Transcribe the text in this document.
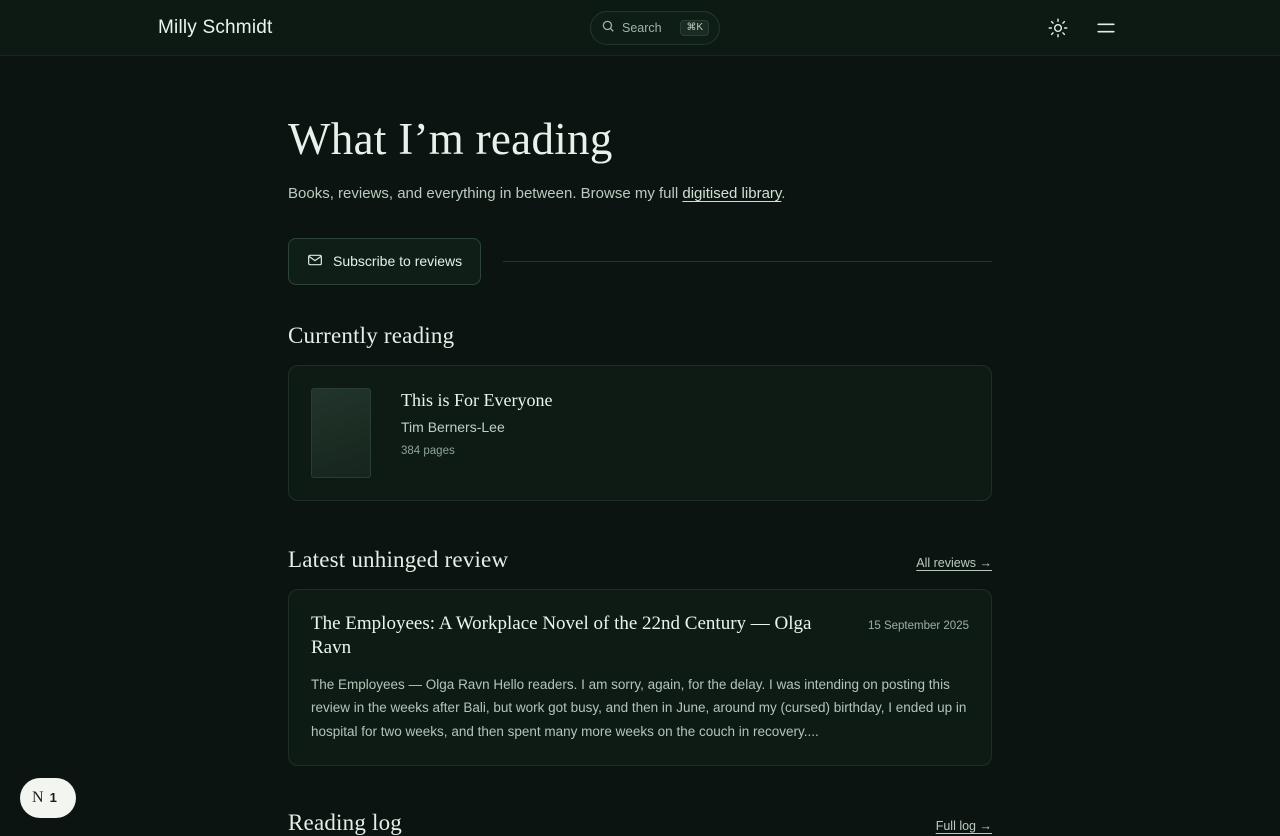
Milly Schmidt	Search	⌘K
What I’m reading

Books, reviews, and everything in between. Browse my full digitised library.

Subscribe to reviews
Currently reading
This is For Everyone
Tim Berners-Lee
384 pages
Latest unhinged review	All reviews →
The Employees: A Workplace Novel of the 22nd Century — Olga Ravn
15 September 2025
The Employees — Olga Ravn Hello readers. I am sorry, again, for the delay. I was intending on posting this review in the weeks after Bali, but work got busy, and then in June, around my (cursed) birthday, I ended up in hospital for two weeks, and then spent many more weeks on the couch in recovery....
Reading log	Full log →
N 1
